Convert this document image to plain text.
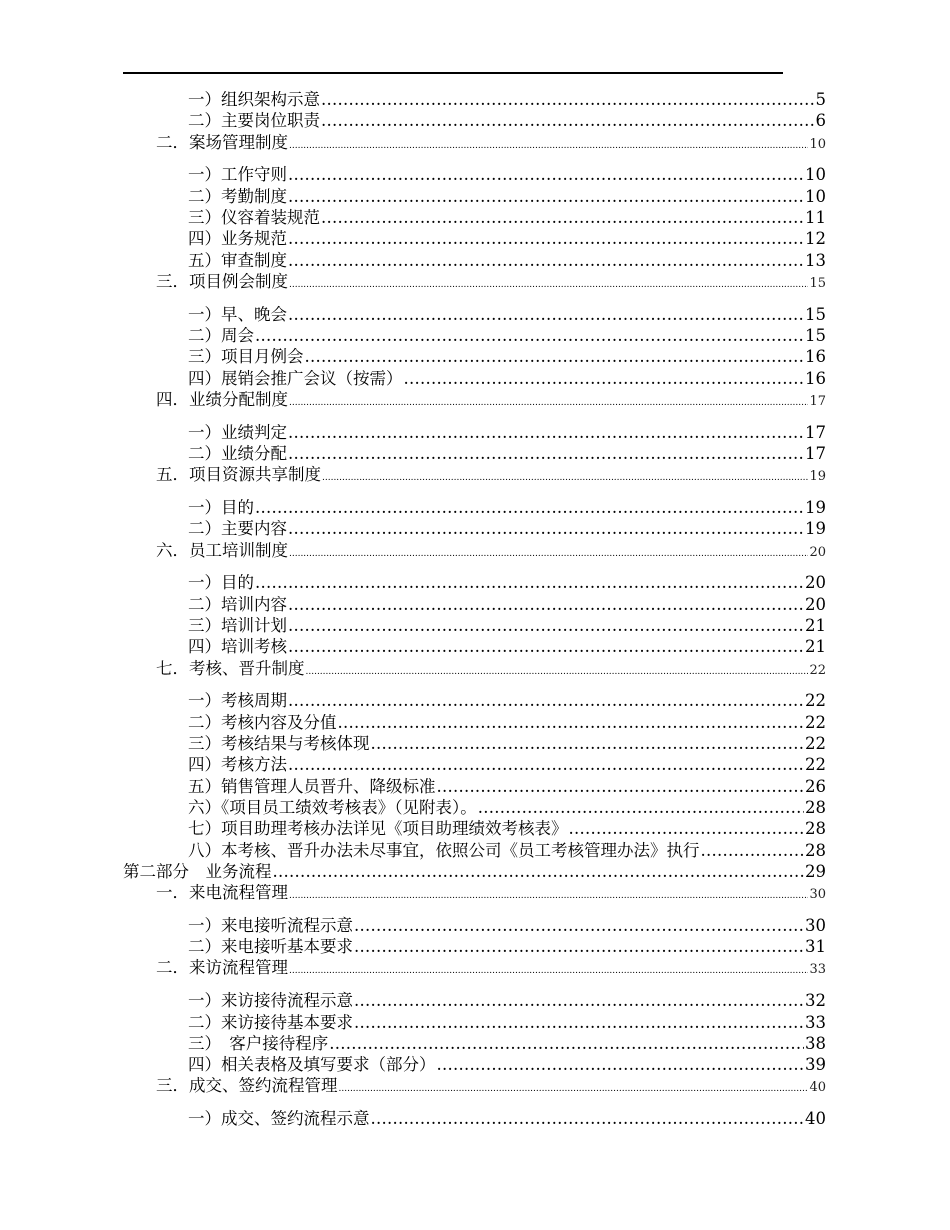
一）组织架构示意 . . .	5
二）主要岗位职责 . . .	6
二．案场管理制度 .....	10
一）工作守则 . . .	10
二）考勤制度 . . .	10
三）仪容着装规范 . . .	11
四）业务规范 . . .	12
五）审查制度 . . .	13
三．项目例会制度 .....	15
一）早、晚会 . . .	15
二）周会 . . .	15
三）项目月例会 . . .	16
四）展销会推广会议（按需） . . .	16
四．业绩分配制度 .....	17
一）业绩判定 . . .	17
二）业绩分配 . . .	17
五．项目资源共享制度 .....	19
一）目的 . . .	19
二）主要内容 . . .	19
六．员工培训制度 .....	20
一）目的 . . .	20
二）培训内容 . . .	20
三）培训计划 . . .	21
四）培训考核 . . .	21
七．考核、晋升制度 .....	22
一）考核周期 . . .	22
二）考核内容及分值 . . .	22
三）考核结果与考核体现 . . .	22
四）考核方法 . . .	22
五）销售管理人员晋升、降级标准 . . .	26
六）《项目员工绩效考核表》（见附表）。 . . .	28
七）项目助理考核办法详见《项目助理绩效考核表》 . . .	28
八）本考核、晋升办法未尽事宜，依照公司《员工考核管理办法》执行 . . .	28
第二部分　业务流程 . . .	29
一．来电流程管理 .....	30
一）来电接听流程示意 . . .	30
二）来电接听基本要求 . . .	31
二．来访流程管理 .....	33
一）来访接待流程示意 . . .	32
二）来访接待基本要求 . . .	33
三）　客户接待程序 . . .	38
四）相关表格及填写要求（部分） . . .	39
三．成交、签约流程管理 .....	40
一）成交、签约流程示意 . . .	40
